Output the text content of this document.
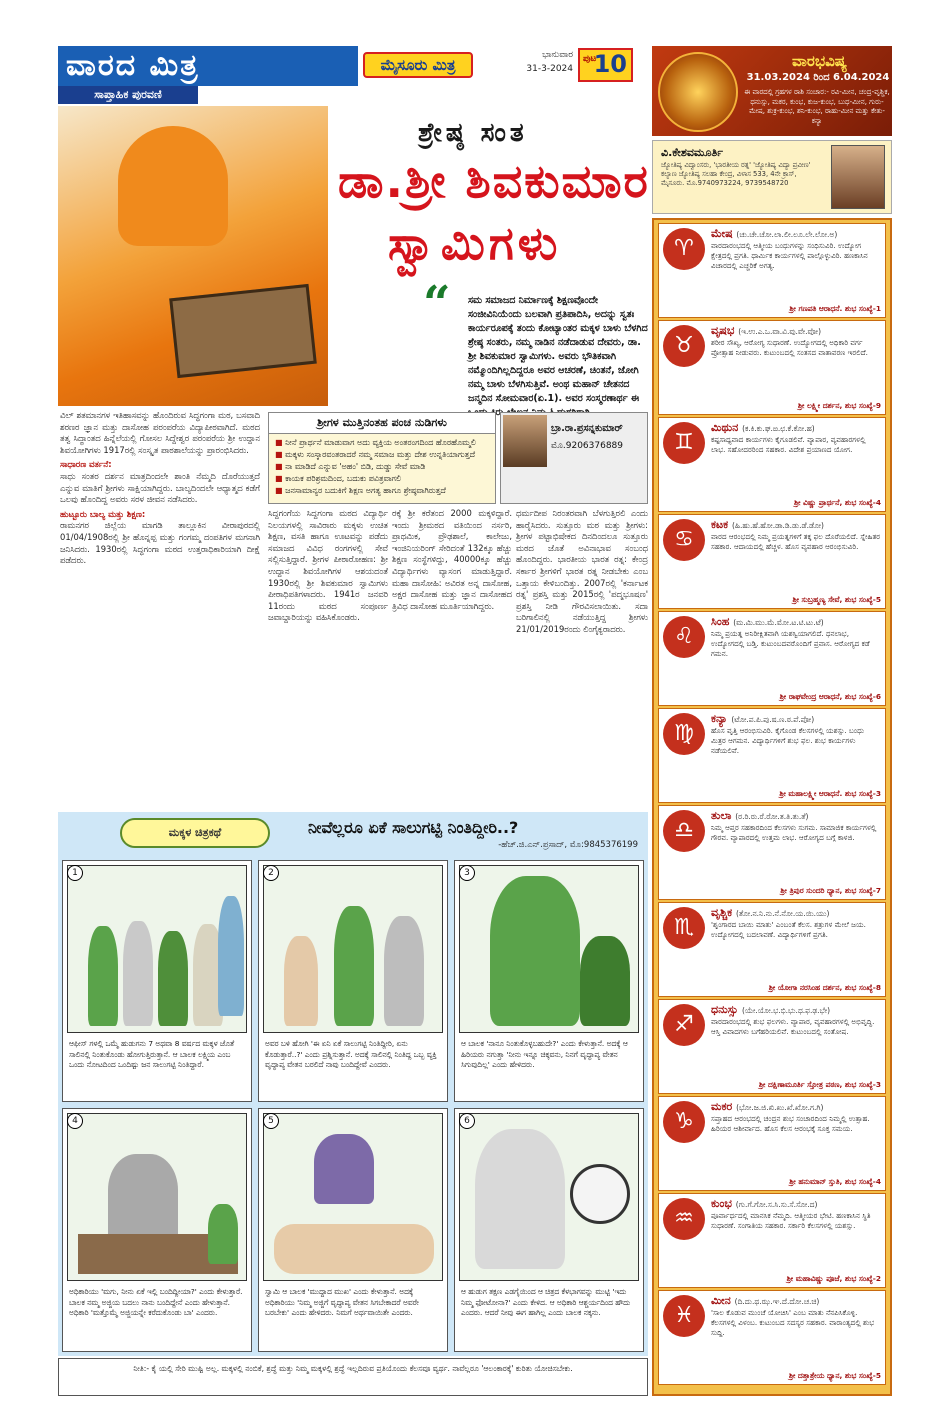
ವಾರದ ಮಿತ್ರ
ಸಾಪ್ತಾಹಿಕ ಪುರವಣಿ
ಮೈಸೂರು ಮಿತ್ರ
ಭಾನುವಾರ
31-3-2024
ಪುಟ
10
ಶ್ರೇಷ್ಠ ಸಂತ
ಡಾ.ಶ್ರೀ ಶಿವಕುಮಾರ
ಸ್ವಾಮಿಗಳು
“ ಸಮ ಸಮಾಜದ ನಿರ್ಮಾಣಕ್ಕೆ ಶಿಕ್ಷಣವೊಂದೇ ಸಂಜೀವಿನಿಯೆಂದು ಬಲವಾಗಿ ಪ್ರತಿಪಾದಿಸಿ, ಅದನ್ನು ಸ್ವತಃ ಕಾರ್ಯರೂಪಕ್ಕೆ ತಂದು ಕೋಟ್ಯಾಂತರ ಮಕ್ಕಳ ಬಾಳು ಬೆಳಗಿದ ಶ್ರೇಷ್ಠ ಸಂತರು, ನಮ್ಮ ನಾಡಿನ ನಡೆದಾಡುವ ದೇವರು, ಡಾ. ಶ್ರೀ ಶಿವಕುಮಾರ ಸ್ವಾಮಿಗಳು. ಅವರು ಭೌತಿಕವಾಗಿ ನಮ್ಮೊಂದಿಗಿಲ್ಲದಿದ್ದರೂ ಅವರ ಆಚರಣೆ, ಚಿಂತನೆ, ಜೋಗಿ ನಮ್ಮ ಬಾಳು ಬೆಳಗಿಸುತ್ತಿವೆ. ಅಂಥ ಮಹಾನ್ ಚೇತನದ ಜನ್ಮದಿನ ಸೋಮವಾರ(ಏ.1). ಅವರ ಸಂಸ್ಮರಣಾರ್ಥ ಈ ಕಿರು

ವಿಲ್ ಶತಮಾನಗಳ ಇತಿಹಾಸವನ್ನು ಹೊಂದಿರುವ ಸಿದ್ಧಗಂಗಾ ಮಠ, ಬಸವಾದಿ ಶರಣರ ಜ್ಞಾನ ಮತ್ತು ದಾಸೋಹ ಪರಂಪರೆಯ ವಿದ್ಯಾಪೀಠವಾಗಿದೆ. ಮಠದ ತತ್ವ ಸಿದ್ಧಾಂತದ ಹಿನ್ನೆಲೆಯಲ್ಲಿ ಗೋಸಲ ಸಿದ್ದೇಶ್ವರ ಪರಂಪರೆಯ ಶ್ರೀ ಉದ್ದಾನ ಶಿವಯೋಗಿಗಳು 1917ರಲ್ಲಿ ಸಂಸ್ಕೃತ ಪಾಠಶಾಲೆಯನ್ನು ಪ್ರಾರಂಭಿಸಿದರು.

ಸಾಧಾರಣ ವರ್ತನೆ:

ಸಾಧು ಸಂತರ ದರ್ಶನ ಮಾತ್ರದಿಂದಲೇ ಶಾಂತಿ ನೆಮ್ಮದಿ ದೊರೆಯುತ್ತದೆ ಎನ್ನುವ ಮಾತಿಗೆ ಶ್ರೀಗಳು ಸಾಕ್ಷಿಯಾಗಿದ್ದರು. ಬಾಲ್ಯದಿಂದಲೇ ಆಧ್ಯಾತ್ಮದ ಕಡೆಗೆ ಒಲವು ಹೊಂದಿದ್ದ ಅವರು ಸರಳ ಜೀವನ ನಡೆಸಿದರು.

ಹುಟ್ಟೂರು ಬಾಲ್ಯ ಮತ್ತು ಶಿಕ್ಷಣ:

ರಾಮನಗರ ಜಿಲ್ಲೆಯ ಮಾಗಡಿ ತಾಲ್ಲೂಕಿನ ವೀರಾಪುರದಲ್ಲಿ 01/04/1908ರಲ್ಲಿ ಶ್ರೀ ಹೊನ್ನಪ್ಪ ಮತ್ತು ಗಂಗಮ್ಮ ದಂಪತಿಗಳ ಮಗನಾಗಿ ಜನಿಸಿದರು. 1930ರಲ್ಲಿ ಸಿದ್ಧಗಂಗಾ ಮಠದ ಉತ್ತರಾಧಿಕಾರಿಯಾಗಿ ದೀಕ್ಷೆ ಪಡೆದರು.

ಶ್ರೀಗಳ ಮುತ್ತಿನಂತಹ ಪಂಚ ನುಡಿಗಳು
■ ನೀನೆ ಪ್ರಾರ್ಥನೆ ಮಾಡುವಾಗ ಅದು ವ್ಯಕ್ತಿಯ ಅಂತರಂಗದಿಂದ ಹೊರಹೊಮ್ಮಲಿ
■ ಮಕ್ಕಳು ಸಂಸ್ಕಾರವಂತರಾದರೆ ನಮ್ಮ ಸಮಾಜ ಮತ್ತು ದೇಶ ಉನ್ನತಿಯಾಗುತ್ತದೆ
■ ನಾ ಮಾಡಿದೆ ಎನ್ನುವ 'ಅಹಂ' ಬಿಡಿ, ದುಡ್ಡು ಸೇವೆ ಮಾಡಿ
■ ಕಾಯಕ ಪರಿಶ್ರಮದಿಂದ, ಬದುಕು ಪವಿತ್ರವಾಗಲಿ
■ ಜನಸಾಮಾನ್ಯರ ಬದುಕಿಗೆ ಶಿಕ್ಷಣ ಅಗತ್ಯ ಹಾಗೂ ಶ್ರೇಷ್ಠವಾಗಿರುತ್ತದೆ
ಬ್ರಾ.ರಾ.ಪ್ರಸನ್ನಕುಮಾರ್
ಮೊ.9206376889
ಸಿದ್ದಗಂಗೆಯ ಸಿದ್ದಗಂಗಾ ಮಠದ ವಿದ್ಯಾರ್ಥಿ ನಿಲಯಗಳಲ್ಲಿ ಸಾವಿರಾರು ಮಕ್ಕಳು ಉಚಿತ ಶಿಕ್ಷಣ, ವಸತಿ ಹಾಗೂ ಊಟವನ್ನು ಪಡೆದು ಸಮಾಜದ ವಿವಿಧ ರಂಗಗಳಲ್ಲಿ ಸೇವೆ ಸಲ್ಲಿಸುತ್ತಿದ್ದಾರೆ. ಶ್ರೀಗಳ ಪೀಠಾರೋಹಣ: ಶ್ರೀ ಉದ್ದಾನ ಶಿವಯೋಗಿಗಳ ಆಶಯದಂತೆ 1930ರಲ್ಲಿ ಶ್ರೀ ಶಿವಕುಮಾರ ಸ್ವಾಮಿಗಳು ಪೀಠಾಧಿಪತಿಗಳಾದರು. 1941ರ ಜನವರಿ 11ರಂದು ಮಠದ ಸಂಪೂರ್ಣ ಜವಾಬ್ದಾರಿಯನ್ನು ವಹಿಸಿಕೊಂಡರು.
ರಕ್ಕೆ ಶ್ರೀ ಕರೆತಂದ 2000 ಮಕ್ಕಳಿದ್ದಾರೆ. ಇಂದು ಶ್ರೀಮಠದ ವತಿಯಿಂದ ನರ್ಸರಿ, ಪ್ರಾಥಮಿಕ, ಪ್ರೌಢಶಾಲೆ, ಕಾಲೇಜು, ಇಂಜಿನಿಯರಿಂಗ್ ಸೇರಿದಂತೆ 132ಕ್ಕೂ ಹೆಚ್ಚು ಶಿಕ್ಷಣ ಸಂಸ್ಥೆಗಳಿದ್ದು, 40000ಕ್ಕೂ ಹೆಚ್ಚು ವಿದ್ಯಾರ್ಥಿಗಳು ವ್ಯಾಸಂಗ ಮಾಡುತ್ತಿದ್ದಾರೆ. ಮಹಾ ದಾಸೋಹಿ: ಅವಿರತ ಅನ್ನ ದಾಸೋಹ, ಅಕ್ಷರ ದಾಸೋಹ ಮತ್ತು ಜ್ಞಾನ ದಾಸೋಹದ ತ್ರಿವಿಧ ದಾಸೋಹ ಮೂರ್ತಿಯಾಗಿದ್ದರು.
ಧರ್ಮದೀಪ ನಿರಂತರವಾಗಿ ಬೆಳಗುತ್ತಿರಲಿ ಎಂದು ಹಾರೈಸಿದರು. ಸುತ್ತೂರು ಮಠ ಮತ್ತು ಶ್ರೀಗಳು: ಶ್ರೀಗಳ ಪಟ್ಟಾಭಿಷೇಕದ ದಿನದಿಂದಲೂ ಸುತ್ತೂರು ಮಠದ ಜೊತೆ ಅವಿನಾಭಾವ ಸಂಬಂಧ ಹೊಂದಿದ್ದರು. ಭಾರತೀಯ ಭಾರತ ರತ್ನ: ಕೇಂದ್ರ ಸರ್ಕಾರ ಶ್ರೀಗಳಿಗೆ ಭಾರತ ರತ್ನ ನೀಡಬೇಕು ಎಂಬ ಒತ್ತಾಯ ಕೇಳಿಬಂದಿತ್ತು. 2007ರಲ್ಲಿ 'ಕರ್ನಾಟಕ ರತ್ನ' ಪ್ರಶಸ್ತಿ ಮತ್ತು 2015ರಲ್ಲಿ 'ಪದ್ಮಭೂಷಣ' ಪ್ರಶಸ್ತಿ ನೀಡಿ ಗೌರವಿಸಲಾಯಿತು. ಸದಾ ಬರಿಗಾಲಿನಲ್ಲಿ ನಡೆಯುತ್ತಿದ್ದ ಶ್ರೀಗಳು 21/01/2019ರಂದು ಲಿಂಗೈಕ್ಯರಾದರು.
ಮಕ್ಕಳ ಚಿತ್ರಕಥೆ	ನೀವೆಲ್ಲರೂ ಏಕೆ ಸಾಲುಗಟ್ಟಿ ನಿಂತಿದ್ದೀರಿ..?
-ಹೆಚ್.ಜಿ.ಎನ್.ಪ್ರಸಾದ್, ಮೊ:9845376199
1
ಆಫೀಸ್ ಗಳಲ್ಲಿ ಒಮ್ಮೆ ಹುಡುಗನು 7 ಅಥವಾ 8 ವರ್ಷದ ಮಕ್ಕಳ ಜೊತೆ ಸಾಲಿನಲ್ಲಿ ನಿಂತುಕೊಂಡು ಹೋಗುತ್ತಿರುತ್ತಾನೆ. ಆ ಬಾಲಕ ಲಕ್ಷ್ಮಿಯ ಎಂಬ ಒಂದು ನೋಟದಿಂದ ಒಂದಿಷ್ಟು ಜನ ಸಾಲುಗಟ್ಟಿ ನಿಂತಿದ್ದಾರೆ.
2
ಅವರ ಬಳಿ ಹೋಗಿ 'ಈ ಏನಿ ಏಕೆ ಸಾಲುಗಟ್ಟಿ ನಿಂತಿದ್ದೀರಿ, ಏನು ಕೊಡುತ್ತಾರೆ..?' ಎಂದು ಪ್ರಶ್ನಿಸುತ್ತಾನೆ. ಅದಕ್ಕೆ ಸಾಲಿನಲ್ಲಿ ನಿಂತಿದ್ದ ಒಬ್ಬ ವ್ಯಕ್ತಿ ವೃದ್ಧಾಪ್ಯ ವೇತನ ಬರಲಿದೆ ನಾವು ಬಂದಿದ್ದೇವೆ ಎಂದರು.
3
ಆ ಬಾಲಕ 'ನಾನೂ ನಿಂತುಕೊಳ್ಳಬಹುದೇ?' ಎಂದು ಕೇಳುತ್ತಾನೆ. ಅದಕ್ಕೆ ಆ ಹಿರಿಯರು ನಗುತ್ತಾ 'ನೀನು ಇನ್ನೂ ಚಿಕ್ಕವನು, ನಿನಗೆ ವೃದ್ಧಾಪ್ಯ ವೇತನ ಸಿಗುವುದಿಲ್ಲ' ಎಂದು ಹೇಳಿದರು.
4
ಅಧಿಕಾರಿಯು 'ಮಗು, ನೀನು ಏಕೆ ಇಲ್ಲಿ ಬಂದಿದ್ದೀಯಾ?' ಎಂದು ಕೇಳುತ್ತಾರೆ. ಬಾಲಕ ನಮ್ಮ ಅಜ್ಜಿಯ ಬದಲು ನಾನು ಬಂದಿದ್ದೇನೆ ಎಂದು ಹೇಳುತ್ತಾನೆ. ಅಧಿಕಾರಿ 'ಮತ್ತೊಮ್ಮೆ ಅಜ್ಜಿಯನ್ನೇ ಕರೆದುಕೊಂಡು ಬಾ' ಎಂದರು.
5
ಸ್ವಾಮಿ ಆ ಬಾಲಕ 'ಮುದ್ದಾದ ಮುಖ' ಎಂದು ಕೇಳುತ್ತಾನೆ. ಅದಕ್ಕೆ ಅಧಿಕಾರಿಯು 'ನಿಮ್ಮ ಅಜ್ಜಿಗೆ ವೃದ್ಧಾಪ್ಯ ವೇತನ ಸಿಗಬೇಕಾದರೆ ಅವರೇ ಬರಬೇಕು' ಎಂದು ಹೇಳಿದರು. ನಿಮಗೆ ಅರ್ಥವಾಯಿತೇ ಎಂದರು.
6
ಆ ಹುಡುಗ ತಕ್ಷಣ ಎಡಗೈಯಿಂದ ಆ ಚಿತ್ರದ ಕೆಳಭಾಗವನ್ನು ಮುಟ್ಟಿ 'ಇದು ನಿಮ್ಮ ಫೋಟೋನಾ?' ಎಂದು ಕೇಳಿದ. ಆ ಅಧಿಕಾರಿ ಆಶ್ಚರ್ಯದಿಂದ ಹೌದು ಎಂದರು. ಆದರೆ ನೀವು ಈಗ ಹಾಗಿಲ್ಲ ಎಂದು ಬಾಲಕ ನಕ್ಕನು.

ನೀತಿ:- ಕೈ ಯಲ್ಲಿ ಸೇರಿ ಮುಷ್ಟಿ ಅಲ್ಲ. ಮಕ್ಕಳಲ್ಲಿ ನಂಬಿಕೆ, ಶ್ರದ್ಧೆ ಮತ್ತು ನಿಮ್ಮ ಮಕ್ಕಳಲ್ಲಿ ಶ್ರದ್ಧೆ ಇಲ್ಲದಿರುವ ಪ್ರತಿಯೊಂದು ಕೆಲಸವೂ ವ್ಯರ್ಥ. ನಾವೆಲ್ಲರೂ 'ಆಲಂಕಾರಕ್ಕೆ' ಕುರಿತು ಯೋಚಿಸಬೇಕು.

ವಾರಭವಿಷ್ಯ
31.03.2024 ರಿಂದ 6.04.2024
ಈ ವಾರದಲ್ಲಿ ಗ್ರಹಗಳ ರಾಶಿ ಸಂಚಾರ:- ರವಿ-ಮೀನ, ಚಂದ್ರ-ವೃಶ್ಚಿಕ, ಧನುಸ್ಸು, ಮಕರ, ಕುಂಭ, ಕುಜ-ಕುಂಭ, ಬುಧ-ಮೀನ, ಗುರು-ಮೇಷ, ಶುಕ್ರ-ಕುಂಭ, ಶನಿ-ಕುಂಭ, ರಾಹು-ಮೀನ ಮತ್ತು ಕೇತು-ಕನ್ಯಾ
ವಿ.ಕೇಶವಮೂರ್ತಿ
ಜ್ಯೋತಿಷ್ಯ ವಿದ್ವಾಂಸರು, 'ಭಾರತೀಯ ರತ್ನ' 'ಜ್ಯೋತಿಷ್ಯ ವಿದ್ಯಾ ಪ್ರವೀಣ' ಕಲ್ಯಾಣ ಜ್ಯೋತಿಷ್ಯ ಸಲಹಾ ಕೇಂದ್ರ, ವಿಳಾಸ 533, 4ನೇ ಕ್ರಾಸ್, ಮೈಸೂರು. ಮೊ.9740973224, 9739548720
♈
ಮೇಷ (ಚು.ಚೇ.ಚೋ.ಲಾ.ಲೀ.ಲೂ.ಲೇ.ಲೋ.ಅ)
ವಾರದಾರಂಭದಲ್ಲಿ ಆತ್ಮೀಯ ಬಂಧುಗಳನ್ನು ಸಂಧಿಸುವಿರಿ. ಉದ್ಯೋಗ ಕ್ಷೇತ್ರದಲ್ಲಿ ಪ್ರಗತಿ. ಧಾರ್ಮಿಕ ಕಾರ್ಯಗಳಲ್ಲಿ ಪಾಲ್ಗೊಳ್ಳುವಿರಿ. ಹಣಕಾಸಿನ ವಿಚಾರದಲ್ಲಿ ಎಚ್ಚರಿಕೆ ಅಗತ್ಯ.
ಶ್ರೀ ಗಣಪತಿ ಆರಾಧನೆ. ಶುಭ ಸಂಖ್ಯೆ-1
♉
ವೃಷಭ (ಇ.ಉ.ಎ.ಒ.ವಾ.ವಿ.ವು.ವೇ.ವೋ)
ಶರೀರ ಸೌಖ್ಯ, ಆರೋಗ್ಯ ಸುಧಾರಣೆ. ಉದ್ಯೋಗದಲ್ಲಿ ಅಧಿಕಾರಿ ವರ್ಗ ಪ್ರೋತ್ಸಾಹ ನೀಡುವರು. ಕುಟುಂಬದಲ್ಲಿ ಸಂತಸದ ವಾತಾವರಣ ಇರಲಿದೆ.
ಶ್ರೀ ಲಕ್ಷ್ಮೀ ದರ್ಶನ, ಶುಭ ಸಂಖ್ಯೆ-9
♊
ಮಿಥುನ (ಕ.ಕಿ.ಕು.ಘ.ಙ.ಛ.ಕೆ.ಕೋ.ಹ)
ಕಷ್ಟಸಾಧ್ಯವಾದ ಕಾರ್ಯಗಳು ಕೈಗೂಡಲಿವೆ. ವ್ಯಾಪಾರ, ವ್ಯವಹಾರಗಳಲ್ಲಿ ಲಾಭ. ಸಹೋದರರಿಂದ ಸಹಕಾರ. ವಿದೇಶ ಪ್ರಯಾಣದ ಯೋಗ.
ಶ್ರೀ ವಿಷ್ಣು ಪ್ರಾರ್ಥನೆ, ಶುಭ ಸಂಖ್ಯೆ-4
♋
ಕಟಕ (ಹಿ.ಹು.ಹೆ.ಹೋ.ಡಾ.ಡಿ.ಡು.ಡೆ.ಡೋ)
ವಾರದ ಆರಂಭದಲ್ಲಿ ನಿಮ್ಮ ಪ್ರಯತ್ನಗಳಿಗೆ ತಕ್ಕ ಫಲ ದೊರೆಯಲಿದೆ. ಸ್ನೇಹಿತರ ಸಹಕಾರ. ಆದಾಯದಲ್ಲಿ ಹೆಚ್ಚಳ. ಹೊಸ ವ್ಯವಹಾರ ಆರಂಭಿಸುವಿರಿ.
ಶ್ರೀ ಸುಬ್ರಹ್ಮಣ್ಯ ಸೇವೆ, ಶುಭ ಸಂಖ್ಯೆ-5
♌
ಸಿಂಹ (ಮ.ಮಿ.ಮು.ಮೆ.ಮೋ.ಟ.ಟಿ.ಟು.ಟೆ)
ನಿಮ್ಮ ಪ್ರಯತ್ನ ಅನಿರೀಕ್ಷಿತವಾಗಿ ಯಶಸ್ವಿಯಾಗಲಿದೆ. ಧನಲಾಭ, ಉದ್ಯೋಗದಲ್ಲಿ ಬಡ್ತಿ. ಕುಟುಂಬದವರೊಂದಿಗೆ ಪ್ರವಾಸ. ಆರೋಗ್ಯದ ಕಡೆ ಗಮನ.
ಶ್ರೀ ರಾಘವೇಂದ್ರ ಆರಾಧನೆ, ಶುಭ ಸಂಖ್ಯೆ-6
♍
ಕನ್ಯಾ (ಟೋ.ಪ.ಪಿ.ಪು.ಷ.ಣ.ಠ.ಪೆ.ಪೋ)
ಹೊಸ ವೃತ್ತಿ ಆರಂಭಿಸುವಿರಿ. ಕೈಗೊಂಡ ಕೆಲಸಗಳಲ್ಲಿ ಯಶಸ್ಸು. ಬಂಧು ಮಿತ್ರರ ಆಗಮನ. ವಿದ್ಯಾರ್ಥಿಗಳಿಗೆ ಶುಭ ಫಲ. ಶುಭ ಕಾರ್ಯಗಳು ನಡೆಯಲಿವೆ.
ಶ್ರೀ ಮಹಾಲಕ್ಷ್ಮೀ ಆರಾಧನೆ. ಶುಭ ಸಂಖ್ಯೆ-3
♎
ತುಲಾ (ರ.ರಿ.ರು.ರೆ.ರೋ.ತ.ತಿ.ತು.ತೆ)
ನಿಮ್ಮ ಆಪ್ತರ ಸಹಕಾರದಿಂದ ಕೆಲಸಗಳು ಸುಗಮ. ಸಾಮಾಜಿಕ ಕಾರ್ಯಗಳಲ್ಲಿ ಗೌರವ. ವ್ಯಾಪಾರದಲ್ಲಿ ಉತ್ತಮ ಲಾಭ. ಆರೋಗ್ಯದ ಬಗ್ಗೆ ಕಾಳಜಿ.
ಶ್ರೀ ತ್ರಿಪುರ ಸುಂದರಿ ಧ್ಯಾನ, ಶುಭ ಸಂಖ್ಯೆ-7
♏
ವೃಶ್ಚಿಕ (ತೋ.ನ.ನಿ.ನು.ನೆ.ನೋ.ಯ.ಯಿ.ಯು)
'ಶೃಂಗಾರದ ಬಾಯಿ ಮಾತು' ಎಂಬಂತೆ ಕೆಲಸ. ಶತ್ರುಗಳ ಮೇಲೆ ಜಯ. ಉದ್ಯೋಗದಲ್ಲಿ ಬದಲಾವಣೆ. ವಿದ್ಯಾರ್ಥಿಗಳಿಗೆ ಪ್ರಗತಿ.
ಶ್ರೀ ಯೋಗಾ ನರಸಿಂಹ ದರ್ಶನ, ಶುಭ ಸಂಖ್ಯೆ-8
♐
ಧನುಸ್ಸು (ಯೇ.ಯೋ.ಭ.ಭಿ.ಭು.ಧ.ಫ.ಢ.ಭೇ)
ವಾರದಾರಂಭದಲ್ಲಿ ಶುಭ ಫಲಗಳು. ವ್ಯಾಪಾರ, ವ್ಯವಹಾರಗಳಲ್ಲಿ ಅಭಿವೃದ್ಧಿ. ಆಸ್ತಿ ವಿವಾದಗಳು ಬಗೆಹರಿಯಲಿವೆ. ಕುಟುಂಬದಲ್ಲಿ ಸಂತೋಷ.
ಶ್ರೀ ದಕ್ಷಿಣಾಮೂರ್ತಿ ಸ್ತೋತ್ರ ಪಠಣ, ಶುಭ ಸಂಖ್ಯೆ-3
♑
ಮಕರ (ಭೋ.ಜ.ಜಿ.ಖಿ.ಖು.ಖೆ.ಖೋ.ಗ.ಗಿ)
ಸಪ್ತಾಹದ ಆರಂಭದಲ್ಲಿ ಚಂದ್ರನ ಶುಭ ಸಂಚಾರದಿಂದ ನಿಮ್ಮಲ್ಲಿ ಉತ್ಸಾಹ. ಹಿರಿಯರ ಆಶೀರ್ವಾದ. ಹೊಸ ಕೆಲಸ ಆರಂಭಕ್ಕೆ ಸೂಕ್ತ ಸಮಯ.
ಶ್ರೀ ಹನುಮಾನ್ ಸ್ತುತಿ, ಶುಭ ಸಂಖ್ಯೆ-4
♒
ಕುಂಭ (ಗು.ಗೆ.ಗೋ.ಸ.ಸಿ.ಸು.ಸೆ.ಸೋ.ದ)
ಪೂರ್ವಾರ್ಧದಲ್ಲಿ ಮಾನಸಿಕ ನೆಮ್ಮದಿ. ಆತ್ಮೀಯರ ಭೇಟಿ. ಹಣಕಾಸಿನ ಸ್ಥಿತಿ ಸುಧಾರಣೆ. ಸಂಗಾತಿಯ ಸಹಕಾರ. ಸರ್ಕಾರಿ ಕೆಲಸಗಳಲ್ಲಿ ಯಶಸ್ಸು.
ಶ್ರೀ ಮಹಾವಿಷ್ಣು ಪೂಜೆ, ಶುಭ ಸಂಖ್ಯೆ-2
♓
ಮೀನ (ದಿ.ದು.ಥ.ಝ.ಞ.ದೆ.ದೋ.ಚ.ಚಿ)
'ಸಾಲ ಕೊಡುವ ಮುಂಚೆ ಯೋಚಿಸಿ' ಎಂಬ ಮಾತು ನೆನಪಿಸಿಕೊಳ್ಳಿ. ಕೆಲಸಗಳಲ್ಲಿ ವಿಳಂಬ. ಕುಟುಂಬದ ಸದಸ್ಯರ ಸಹಕಾರ. ವಾರಾಂತ್ಯದಲ್ಲಿ ಶುಭ ಸುದ್ದಿ.
ಶ್ರೀ ದತ್ತಾತ್ರೇಯ ಧ್ಯಾನ, ಶುಭ ಸಂಖ್ಯೆ-5
